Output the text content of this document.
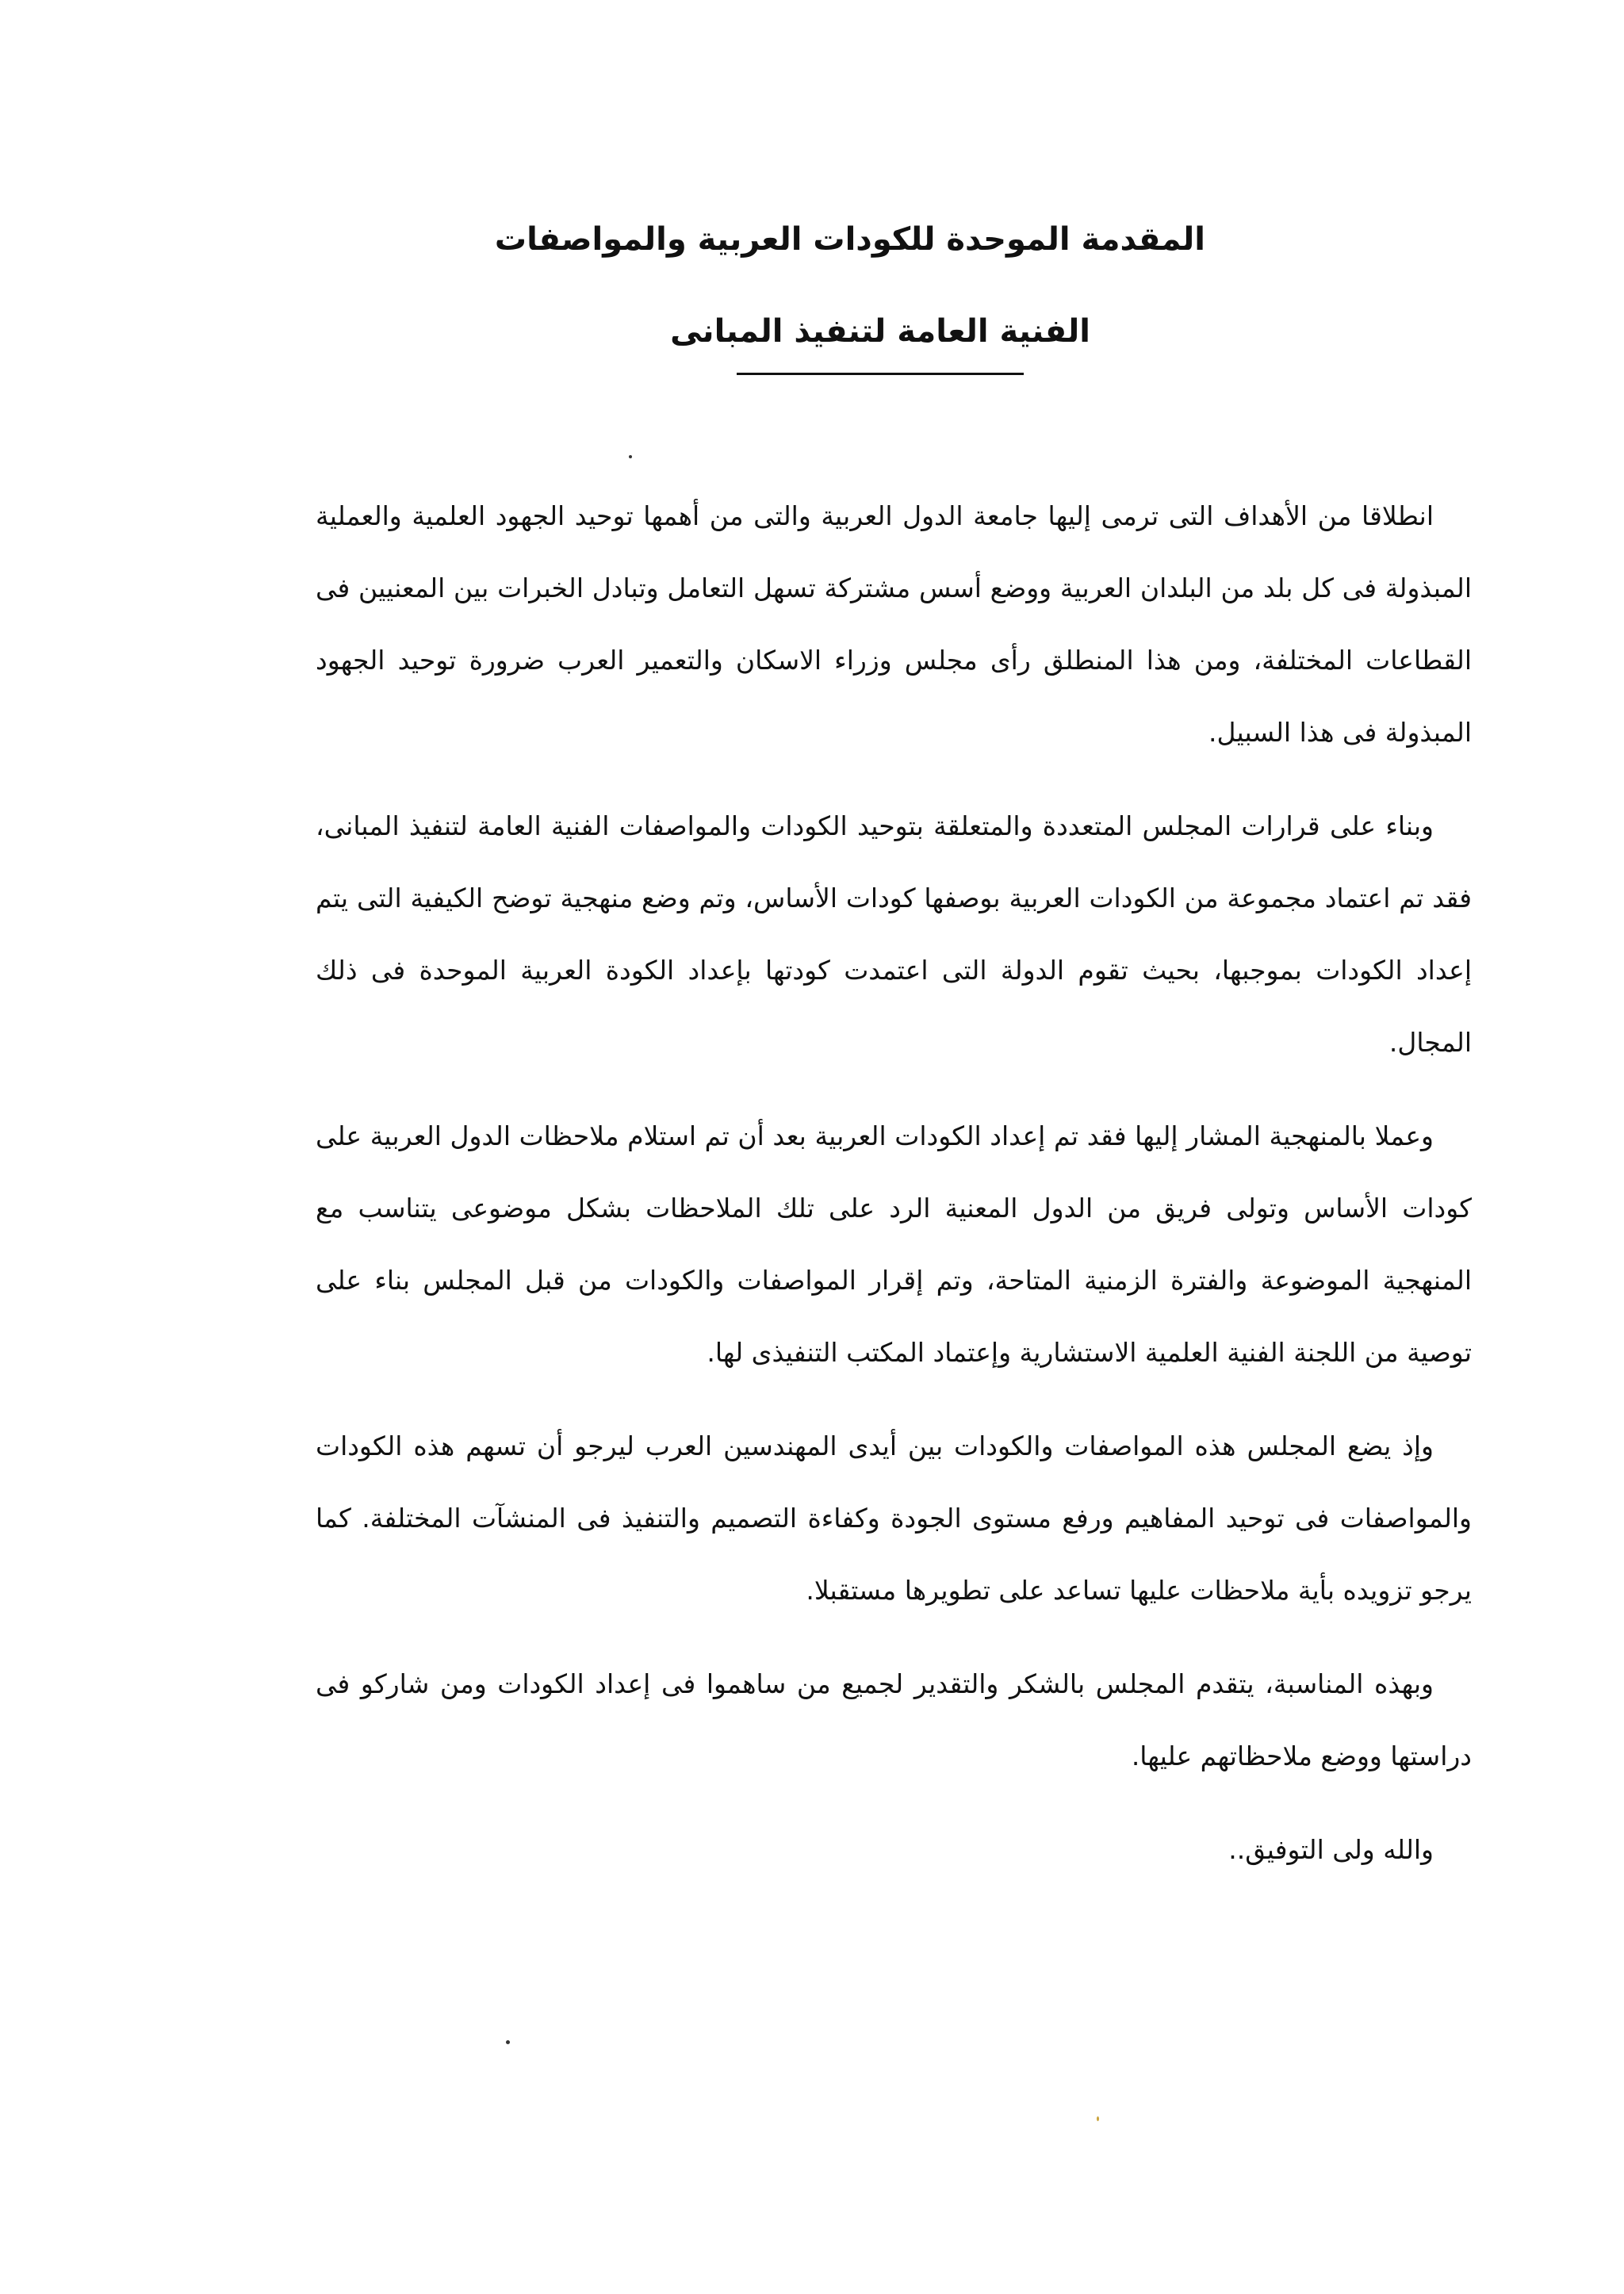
المقدمة الموحدة للكودات العربية والمواصفات

الفنية العامة لتنفيذ المبانى

انطلاقا من الأهداف التى ترمى إليها جامعة الدول العربية والتى من أهمها توحيد الجهود العلمية والعملية المبذولة فى كل بلد من البلدان العربية ووضع أسس مشتركة تسهل التعامل وتبادل الخبرات بين المعنيين فى القطاعات المختلفة، ومن هذا المنطلق رأى مجلس وزراء الاسكان والتعمير العرب ضرورة توحيد الجهود المبذولة فى هذا السبيل.

وبناء على قرارات المجلس المتعددة والمتعلقة بتوحيد الكودات والمواصفات الفنية العامة لتنفيذ المبانى، فقد تم اعتماد مجموعة من الكودات العربية بوصفها كودات الأساس، وتم وضع منهجية توضح الكيفية التى يتم إعداد الكودات بموجبها، بحيث تقوم الدولة التى اعتمدت كودتها بإعداد الكودة العربية الموحدة فى ذلك المجال.

وعملا بالمنهجية المشار إليها فقد تم إعداد الكودات العربية بعد أن تم استلام ملاحظات الدول العربية على كودات الأساس وتولى فريق من الدول المعنية الرد على تلك الملاحظات بشكل موضوعى يتناسب مع المنهجية الموضوعة والفترة الزمنية المتاحة، وتم إقرار المواصفات والكودات من قبل المجلس بناء على توصية من اللجنة الفنية العلمية الاستشارية وإعتماد المكتب التنفيذى لها.

وإذ يضع المجلس هذه المواصفات والكودات بين أيدى المهندسين العرب ليرجو أن تسهم هذه الكودات والمواصفات فى توحيد المفاهيم ورفع مستوى الجودة وكفاءة التصميم والتنفيذ فى المنشآت المختلفة. كما يرجو تزويده بأية ملاحظات عليها تساعد على تطويرها مستقبلا.

وبهذه المناسبة، يتقدم المجلس بالشكر والتقدير لجميع من ساهموا فى إعداد الكودات ومن شاركو فى دراستها ووضع ملاحظاتهم عليها.

والله ولى التوفيق..
